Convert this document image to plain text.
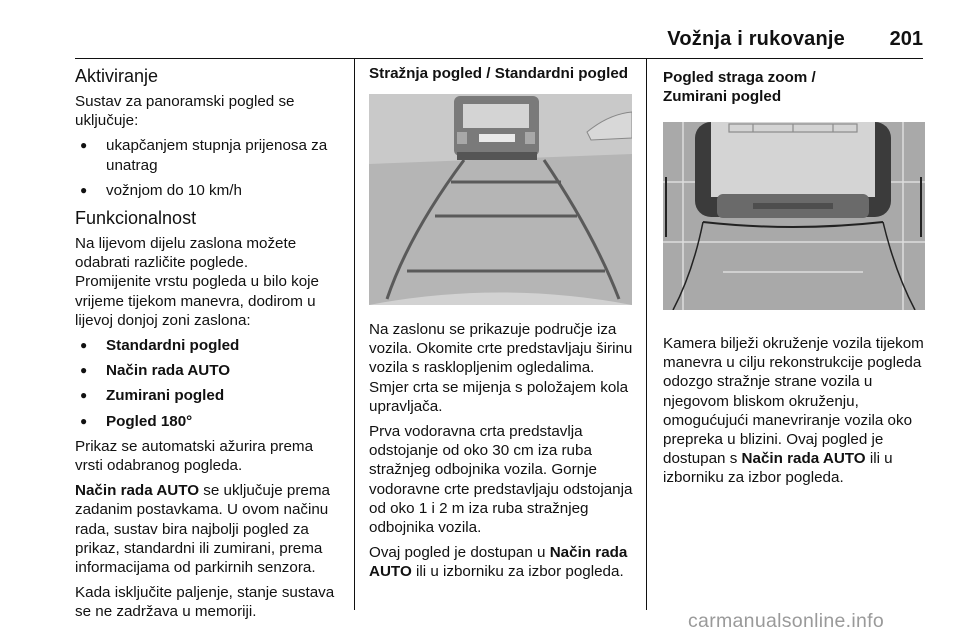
Vožnja i rukovanje 201
Aktiviranje

Sustav za panoramski pogled se uključuje:

● ukapčanjem stupnja prijenosa za unatrag
● vožnjom do 10 km/h
Funkcionalnost

Na lijevom dijelu zaslona možete odabrati različite poglede.

Promijenite vrstu pogleda u bilo koje vrijeme tijekom manevra, dodirom u lijevoj donjoj zoni zaslona:

● Standardni pogled
● Način rada AUTO
● Zumirani pogled
● Pogled 180°

Prikaz se automatski ažurira prema vrsti odabranog pogleda.

Način rada AUTO se uključuje prema zadanim postavkama. U ovom načinu rada, sustav bira najbolji pogled za prikaz, standardni ili zumirani, prema informacijama od parkirnih senzora.

Kada isključite paljenje, stanje sustava se ne zadržava u memoriji.

Stražnja pogled / Standardni pogled

Na zaslonu se prikazuje područje iza vozila. Okomite crte predstavljaju širinu vozila s rasklopljenim ogledalima. Smjer crta se mijenja s položajem kola upravljača.

Prva vodoravna crta predstavlja odstojanje od oko 30 cm iza ruba stražnjeg odbojnika vozila. Gornje vodoravne crte predstavljaju odstojanja od oko 1 i 2 m iza ruba stražnjeg odbojnika vozila.

Ovaj pogled je dostupan u Način rada AUTO ili u izborniku za izbor pogleda.

Pogled straga zoom /
Zumirani pogled

Kamera bilježi okruženje vozila tijekom manevra u cilju rekonstrukcije pogleda odozgo stražnje strane vozila u njegovom bliskom okruženju, omogućujući manevriranje vozila oko prepreka u blizini. Ovaj pogled je dostupan s Način rada AUTO ili u izborniku za izbor pogleda.

carmanualsonline.info
